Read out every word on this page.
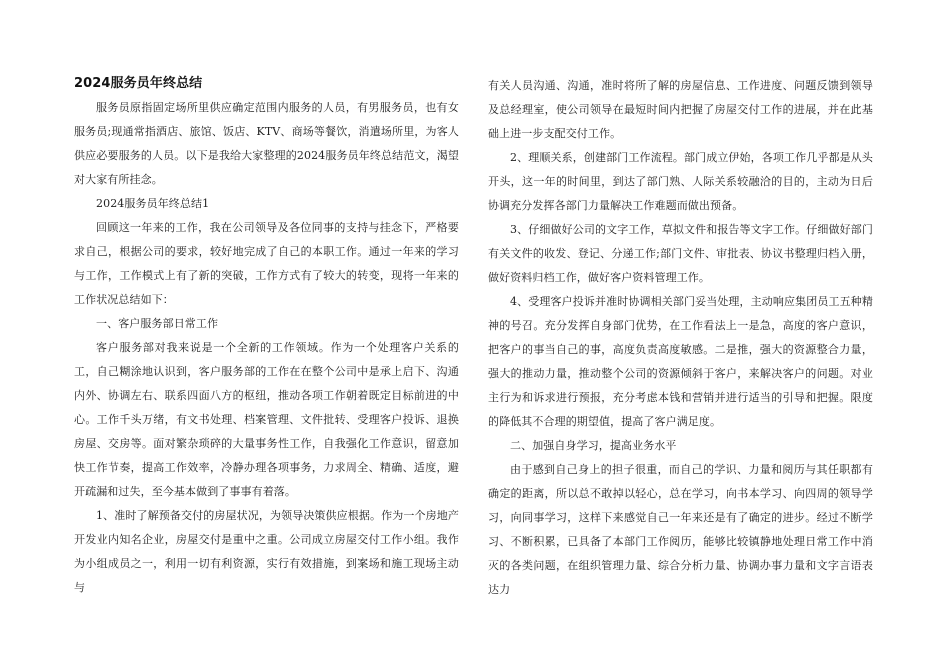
2024服务员年终总结

服务员原指固定场所里供应确定范围内服务的人员，有男服务员，也有女服务员;现通常指酒店、旅馆、饭店、KTV、商场等餐饮，消遣场所里，为客人供应必要服务的人员。以下是我给大家整理的2024服务员年终总结范文，渴望对大家有所挂念。

2024服务员年终总结1

回顾这一年来的工作，我在公司领导及各位同事的支持与挂念下，严格要求自己，根据公司的要求，较好地完成了自己的本职工作。通过一年来的学习与工作，工作模式上有了新的突破，工作方式有了较大的转变，现将一年来的工作状况总结如下：

一、客户服务部日常工作

客户服务部对我来说是一个全新的工作领域。作为一个处理客户关系的工，自己糊涂地认识到，客户服务部的工作在在整个公司中是承上启下、沟通内外、协调左右、联系四面八方的枢纽，推动各项工作朝着既定目标前进的中心。工作千头万绪，有文书处理、档案管理、文件批转、受理客户投诉、退换房屋、交房等。面对繁杂琐碎的大量事务性工作，自我强化工作意识，留意加快工作节奏，提高工作效率，冷静办理各项事务，力求周全、精确、适度，避开疏漏和过失，至今基本做到了事事有着落。

1、准时了解预备交付的房屋状况，为领导决策供应根据。作为一个房地产开发业内知名企业，房屋交付是重中之重。公司成立房屋交付工作小组。我作为小组成员之一，利用一切有利资源，实行有效措施，到案场和施工现场主动与

有关人员沟通、沟通，准时将所了解的房屋信息、工作进度、问题反馈到领导及总经理室，使公司领导在最短时间内把握了房屋交付工作的进展，并在此基础上进一步支配交付工作。

2、理顺关系，创建部门工作流程。部门成立伊始，各项工作几乎都是从头开头，这一年的时间里，到达了部门熟、人际关系较融洽的目的，主动为日后协调充分发挥各部门力量解决工作难题而做出预备。

3、仔细做好公司的文字工作，草拟文件和报告等文字工作。仔细做好部门有关文件的收发、登记、分递工作;部门文件、审批表、协议书整理归档入册，做好资料归档工作，做好客户资料管理工作。

4、受理客户投诉并准时协调相关部门妥当处理，主动响应集团员工五种精神的号召。充分发挥自身部门优势，在工作看法上一是急，高度的客户意识，把客户的事当自己的事，高度负责高度敏感。二是推，强大的资源整合力量，强大的推动力量，推动整个公司的资源倾斜于客户，来解决客户的问题。对业主行为和诉求进行预报，充分考虑本钱和营销并进行适当的引导和把握。限度的降低其不合理的期望值，提高了客户满足度。

二、加强自身学习，提高业务水平

由于感到自己身上的担子很重，而自己的学识、力量和阅历与其任职都有确定的距离，所以总不敢掉以轻心，总在学习，向书本学习、向四周的领导学习，向同事学习，这样下来感觉自己一年来还是有了确定的进步。经过不断学习、不断积累，已具备了本部门工作阅历，能够比较镇静地处理日常工作中消灭的各类问题，在组织管理力量、综合分析力量、协调办事力量和文字言语表达力
